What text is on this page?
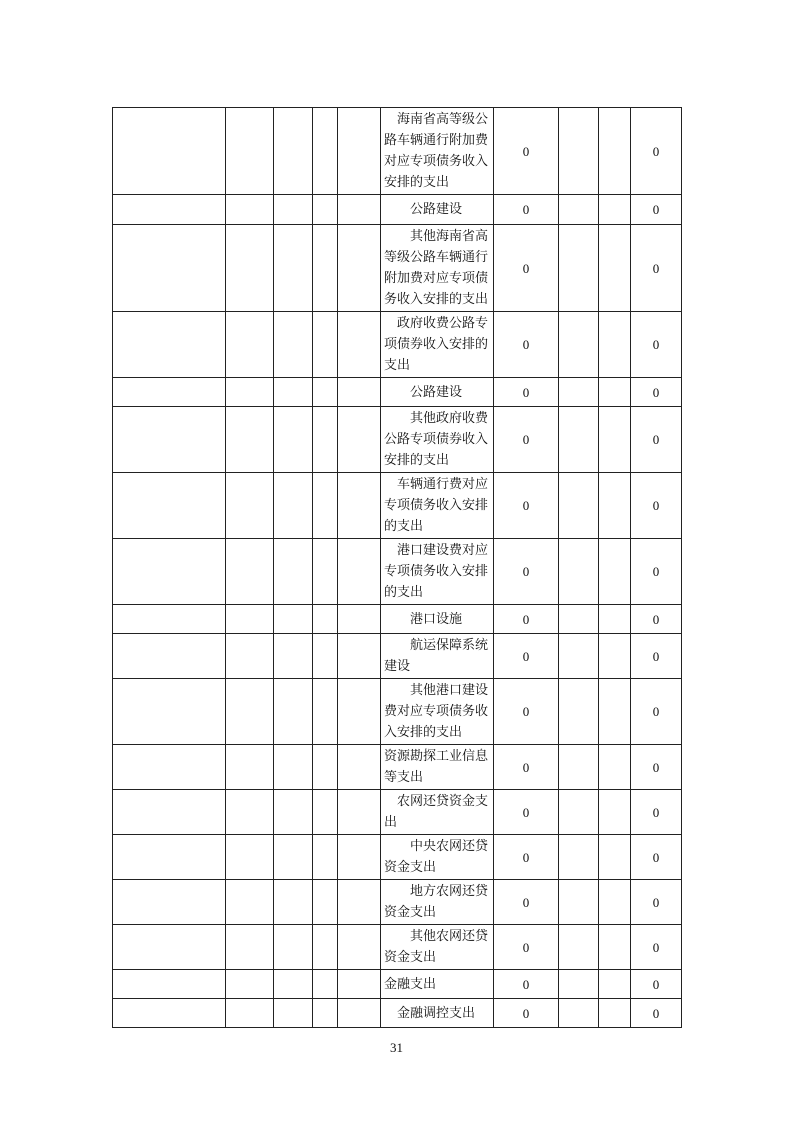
					海南省高等级公路车辆通行附加费对应专项债务收入安排的支出	0			0
					公路建设	0			0
					其他海南省高等级公路车辆通行附加费对应专项债务收入安排的支出	0			0
					政府收费公路专项债券收入安排的支出	0			0
					公路建设	0			0
					其他政府收费公路专项债券收入安排的支出	0			0
					车辆通行费对应专项债务收入安排的支出	0			0
					港口建设费对应专项债务收入安排的支出	0			0
					港口设施	0			0
					航运保障系统建设	0			0
					其他港口建设费对应专项债务收入安排的支出	0			0
					资源勘探工业信息等支出	0			0
					农网还贷资金支出	0			0
					中央农网还贷资金支出	0			0
					地方农网还贷资金支出	0			0
					其他农网还贷资金支出	0			0
					金融支出	0			0
					金融调控支出	0			0
31
